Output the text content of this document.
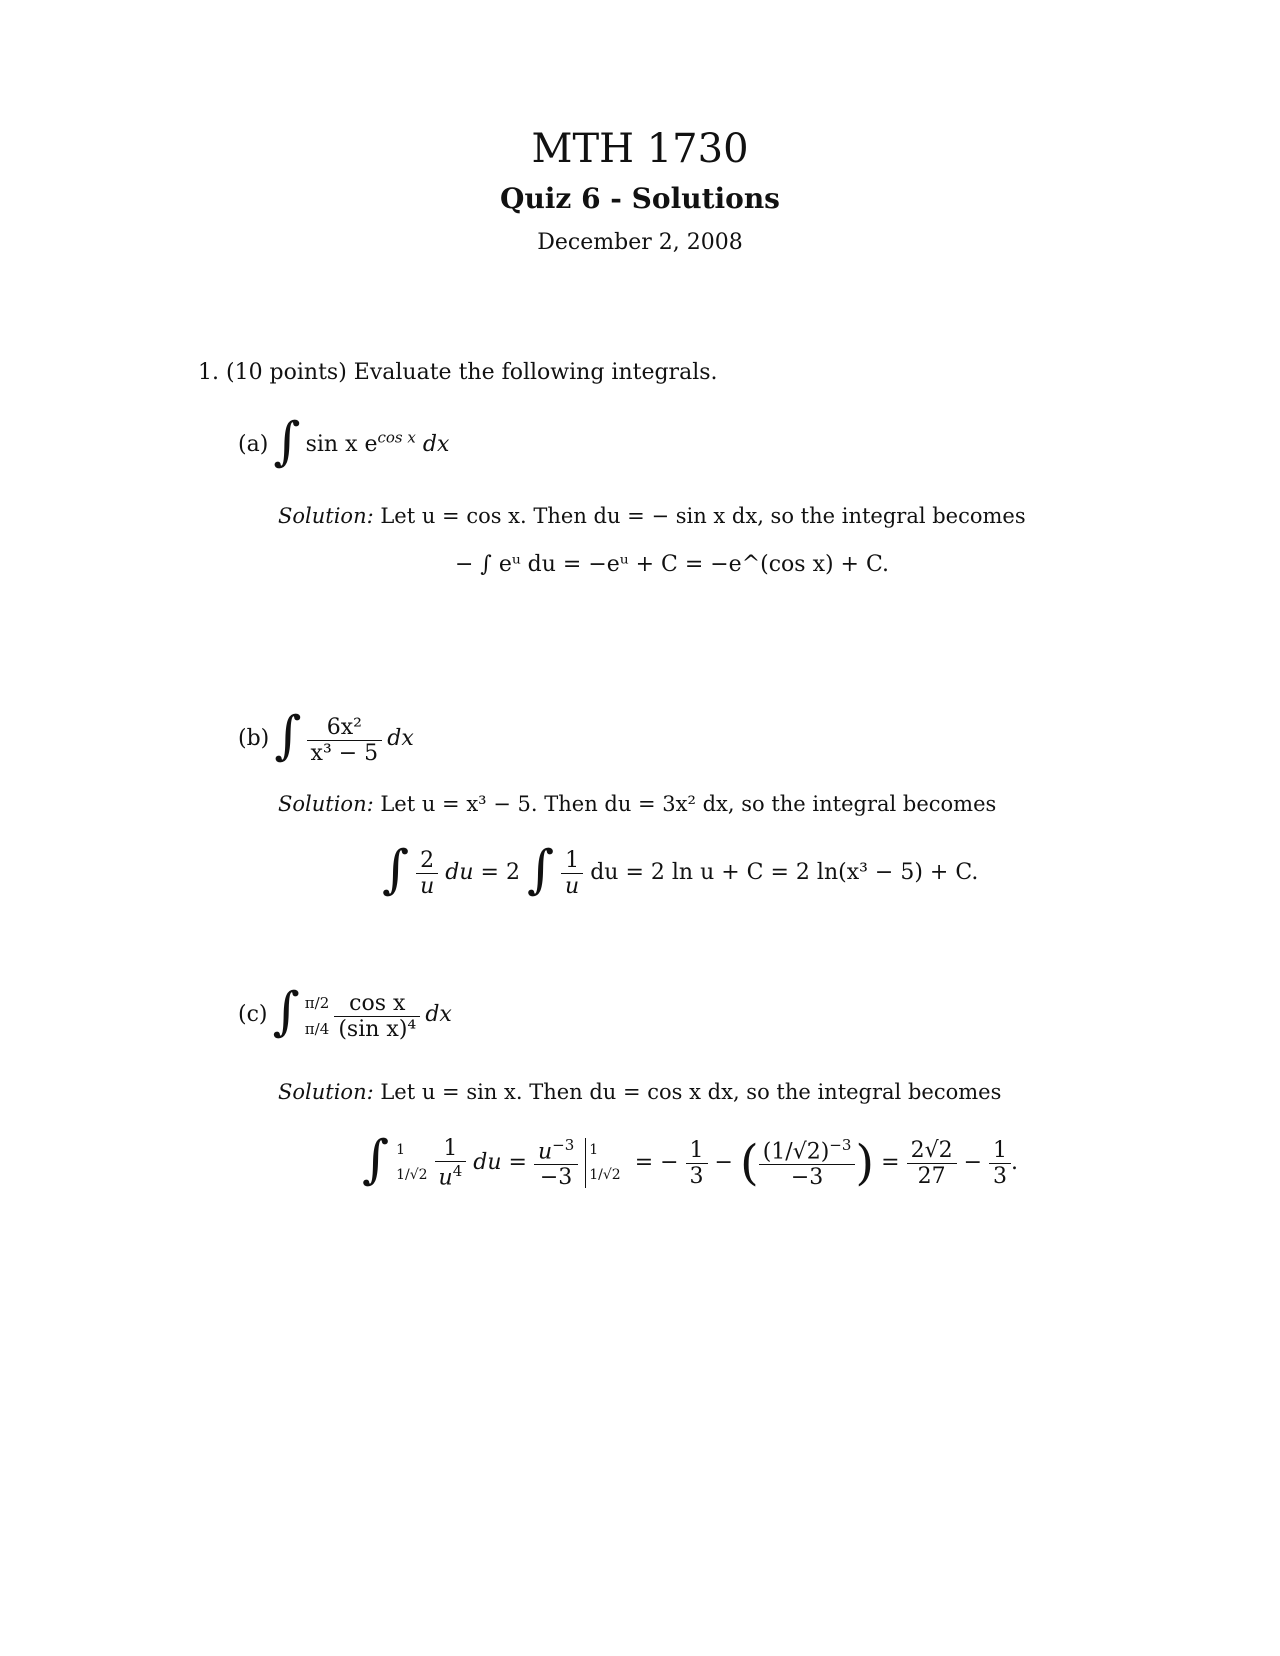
MTH 1730
Quiz 6 - Solutions
December 2, 2008
1. (10 points) Evaluate the following integrals.
(a) ∫ sin x $e^{cos x}$ dx
Solution: Let u = cos x. Then du = − sin x dx, so the integral becomes
− ∫ eᵘ du = −eᵘ + C = −e^(cos x) + C.
(b) ∫ $\frac{\text{6x²}}{\text{x³ − 5}}$ dx
Solution: Let u = x³ − 5. Then du = 3x² dx, so the integral becomes
∫ $\frac{2}{u}$ du = 2 ∫ $\frac{1}{u}$ du = 2 ln u + C = 2 ln(x³ − 5) + C.
(c) ∫ π/2
π/4
$\frac{\text{cos x}}{\text{(sin x)⁴}}$ dx
Solution: Let u = sin x. Then du = cos x dx, so the integral becomes
∫ 1
1/√2
$\frac{1}{u^4}$ du = $\frac{u^{-3}}{-3}$
1
1/√2 = − $\frac{1}{3}$ − ( $\frac{(1/√2)^{-3}}{-3}$ ) = $\frac{2√2}{27} - \frac{1}{3}$ .
